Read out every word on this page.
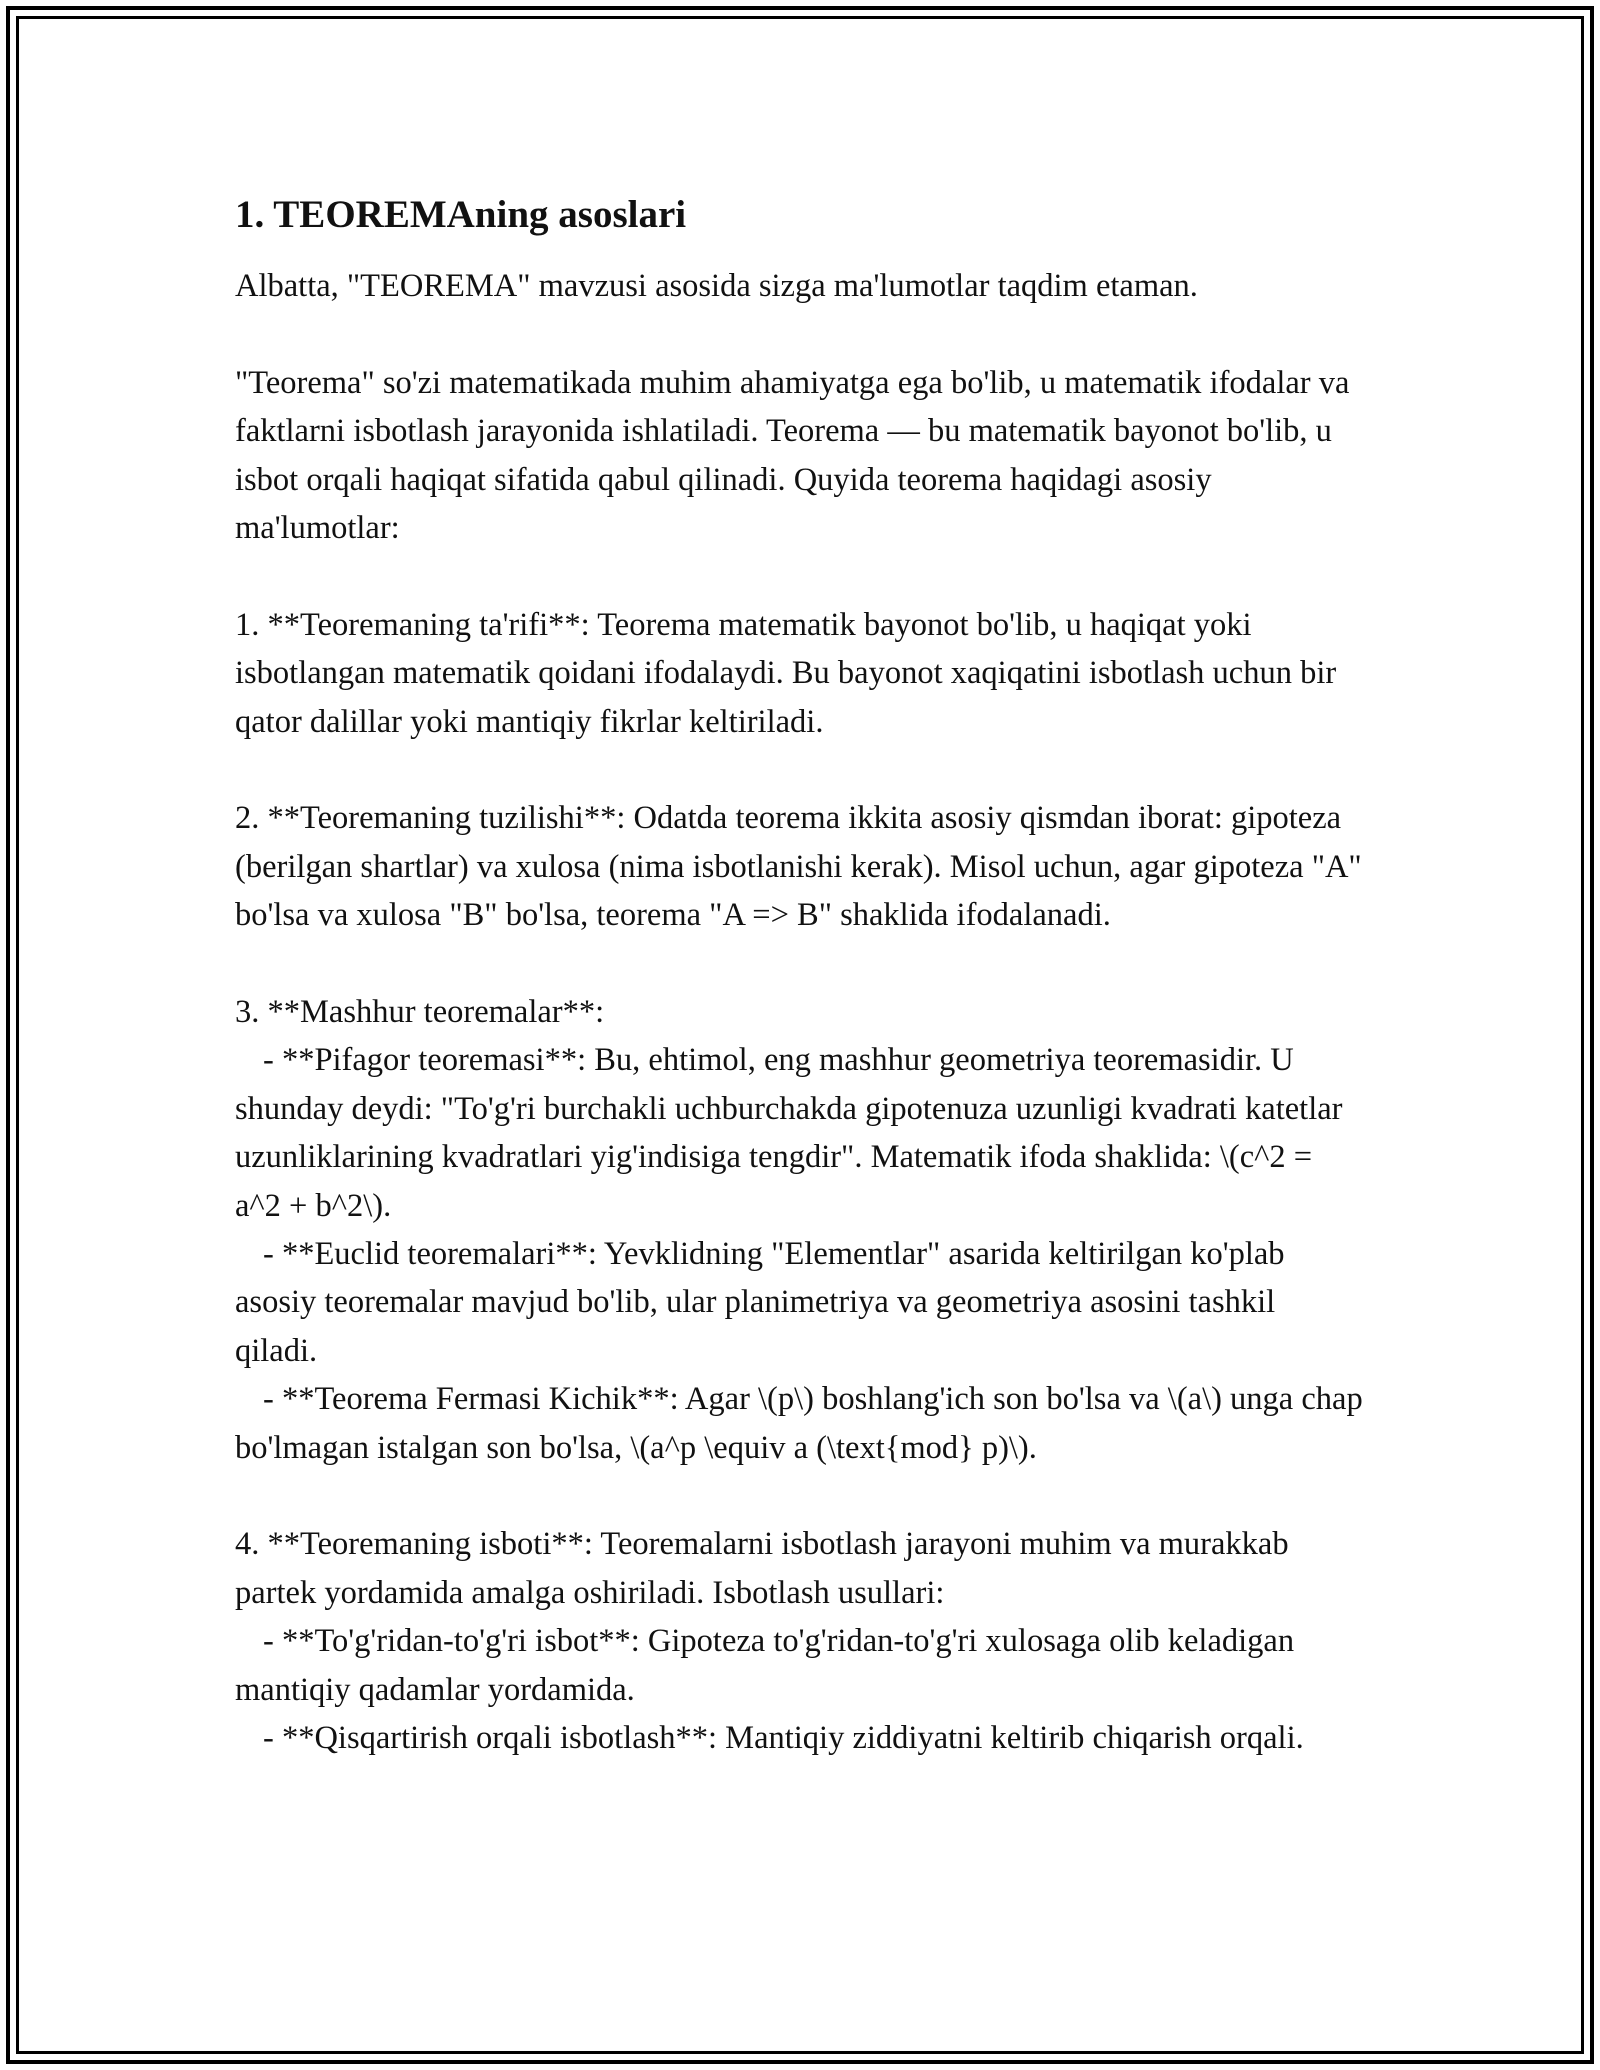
1. TEOREMAning asoslari

Albatta, "TEOREMA" mavzusi asosida sizga ma'lumotlar taqdim etaman.

"Teorema" so'zi matematikada muhim ahamiyatga ega bo'lib, u matematik ifodalar va faktlarni isbotlash jarayonida ishlatiladi. Teorema — bu matematik bayonot bo'lib, u isbot orqali haqiqat sifatida qabul qilinadi. Quyida teorema haqidagi asosiy ma'lumotlar:

1. **Teoremaning ta'rifi**: Teorema matematik bayonot bo'lib, u haqiqat yoki isbotlangan matematik qoidani ifodalaydi. Bu bayonot xaqiqatini isbotlash uchun bir qator dalillar yoki mantiqiy fikrlar keltiriladi.

2. **Teoremaning tuzilishi**: Odatda teorema ikkita asosiy qismdan iborat: gipoteza (berilgan shartlar) va xulosa (nima isbotlanishi kerak). Misol uchun, agar gipoteza "A" bo'lsa va xulosa "B" bo'lsa, teorema "A => B" shaklida ifodalanadi.

3. **Mashhur teoremalar**:

- **Pifagor teoremasi**: Bu, ehtimol, eng mashhur geometriya teoremasidir. U shunday deydi: "To'g'ri burchakli uchburchakda gipotenuza uzunligi kvadrati katetlar uzunliklarining kvadratlari yig'indisiga tengdir". Matematik ifoda shaklida: \(c^2 = a^2 + b^2\).

- **Euclid teoremalari**: Yevklidning "Elementlar" asarida keltirilgan ko'plab asosiy teoremalar mavjud bo'lib, ular planimetriya va geometriya asosini tashkil qiladi.

- **Teorema Fermasi Kichik**: Agar \(p\) boshlang'ich son bo'lsa va \(a\) unga chap bo'lmagan istalgan son bo'lsa, \(a^p \equiv a (\text{mod} p)\).

4. **Teoremaning isboti**: Teoremalarni isbotlash jarayoni muhim va murakkab partek yordamida amalga oshiriladi. Isbotlash usullari:

- **To'g'ridan-to'g'ri isbot**: Gipoteza to'g'ridan-to'g'ri xulosaga olib keladigan mantiqiy qadamlar yordamida.

- **Qisqartirish orqali isbotlash**: Mantiqiy ziddiyatni keltirib chiqarish orqali.
